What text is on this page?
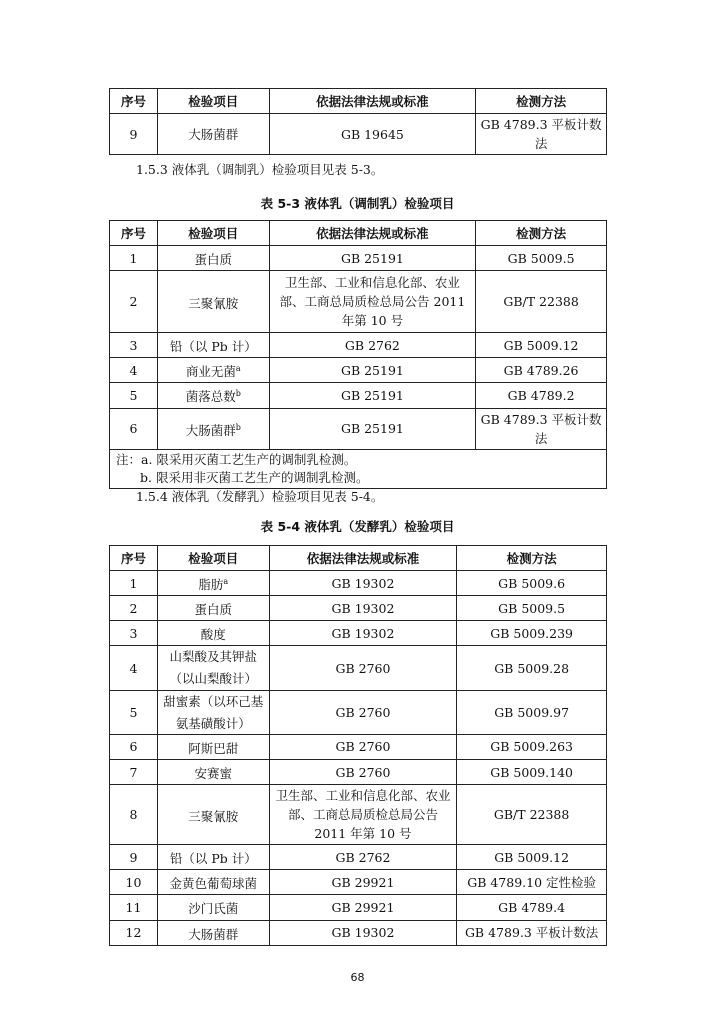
序号	检验项目	依据法律法规或标准	检测方法
9	大肠菌群	GB 19645	GB 4789.3 平板计数法
1.5.3 液体乳（调制乳）检验项目见表 5-3。
表 5-3 液体乳（调制乳）检验项目
序号	检验项目	依据法律法规或标准	检测方法
1	蛋白质	GB 25191	GB 5009.5
2	三聚氰胺	卫生部、工业和信息化部、农业部、工商总局质检总局公告 2011 年第 10 号	GB/T 22388
3	铅（以 Pb 计）	GB 2762	GB 5009.12
4	商业无菌$^a$	GB 25191	GB 4789.26
5	菌落总数$^b$	GB 25191	GB 4789.2
6	大肠菌群$^b$	GB 25191	GB 4789.3 平板计数法

注：a. 限采用灭菌工艺生产的调制乳检测。
b. 限采用非灭菌工艺生产的调制乳检测。			
1.5.4 液体乳（发酵乳）检验项目见表 5-4。
表 5-4 液体乳（发酵乳）检验项目
序号	检验项目	依据法律法规或标准	检测方法
1	脂肪$^a$	GB 19302	GB 5009.6
2	蛋白质	GB 19302	GB 5009.5
3	酸度	GB 19302	GB 5009.239
4	山梨酸及其钾盐（以山梨酸计）	GB 2760	GB 5009.28
5	甜蜜素（以环己基氨基磺酸计）	GB 2760	GB 5009.97
6	阿斯巴甜	GB 2760	GB 5009.263
7	安赛蜜	GB 2760	GB 5009.140
8	三聚氰胺	卫生部、工业和信息化部、农业部、工商总局质检总局公告 2011 年第 10 号	GB/T 22388
9	铅（以 Pb 计）	GB 2762	GB 5009.12
10	金黄色葡萄球菌	GB 29921	GB 4789.10 定性检验
11	沙门氏菌	GB 29921	GB 4789.4
12	大肠菌群	GB 19302	GB 4789.3 平板计数法
68
